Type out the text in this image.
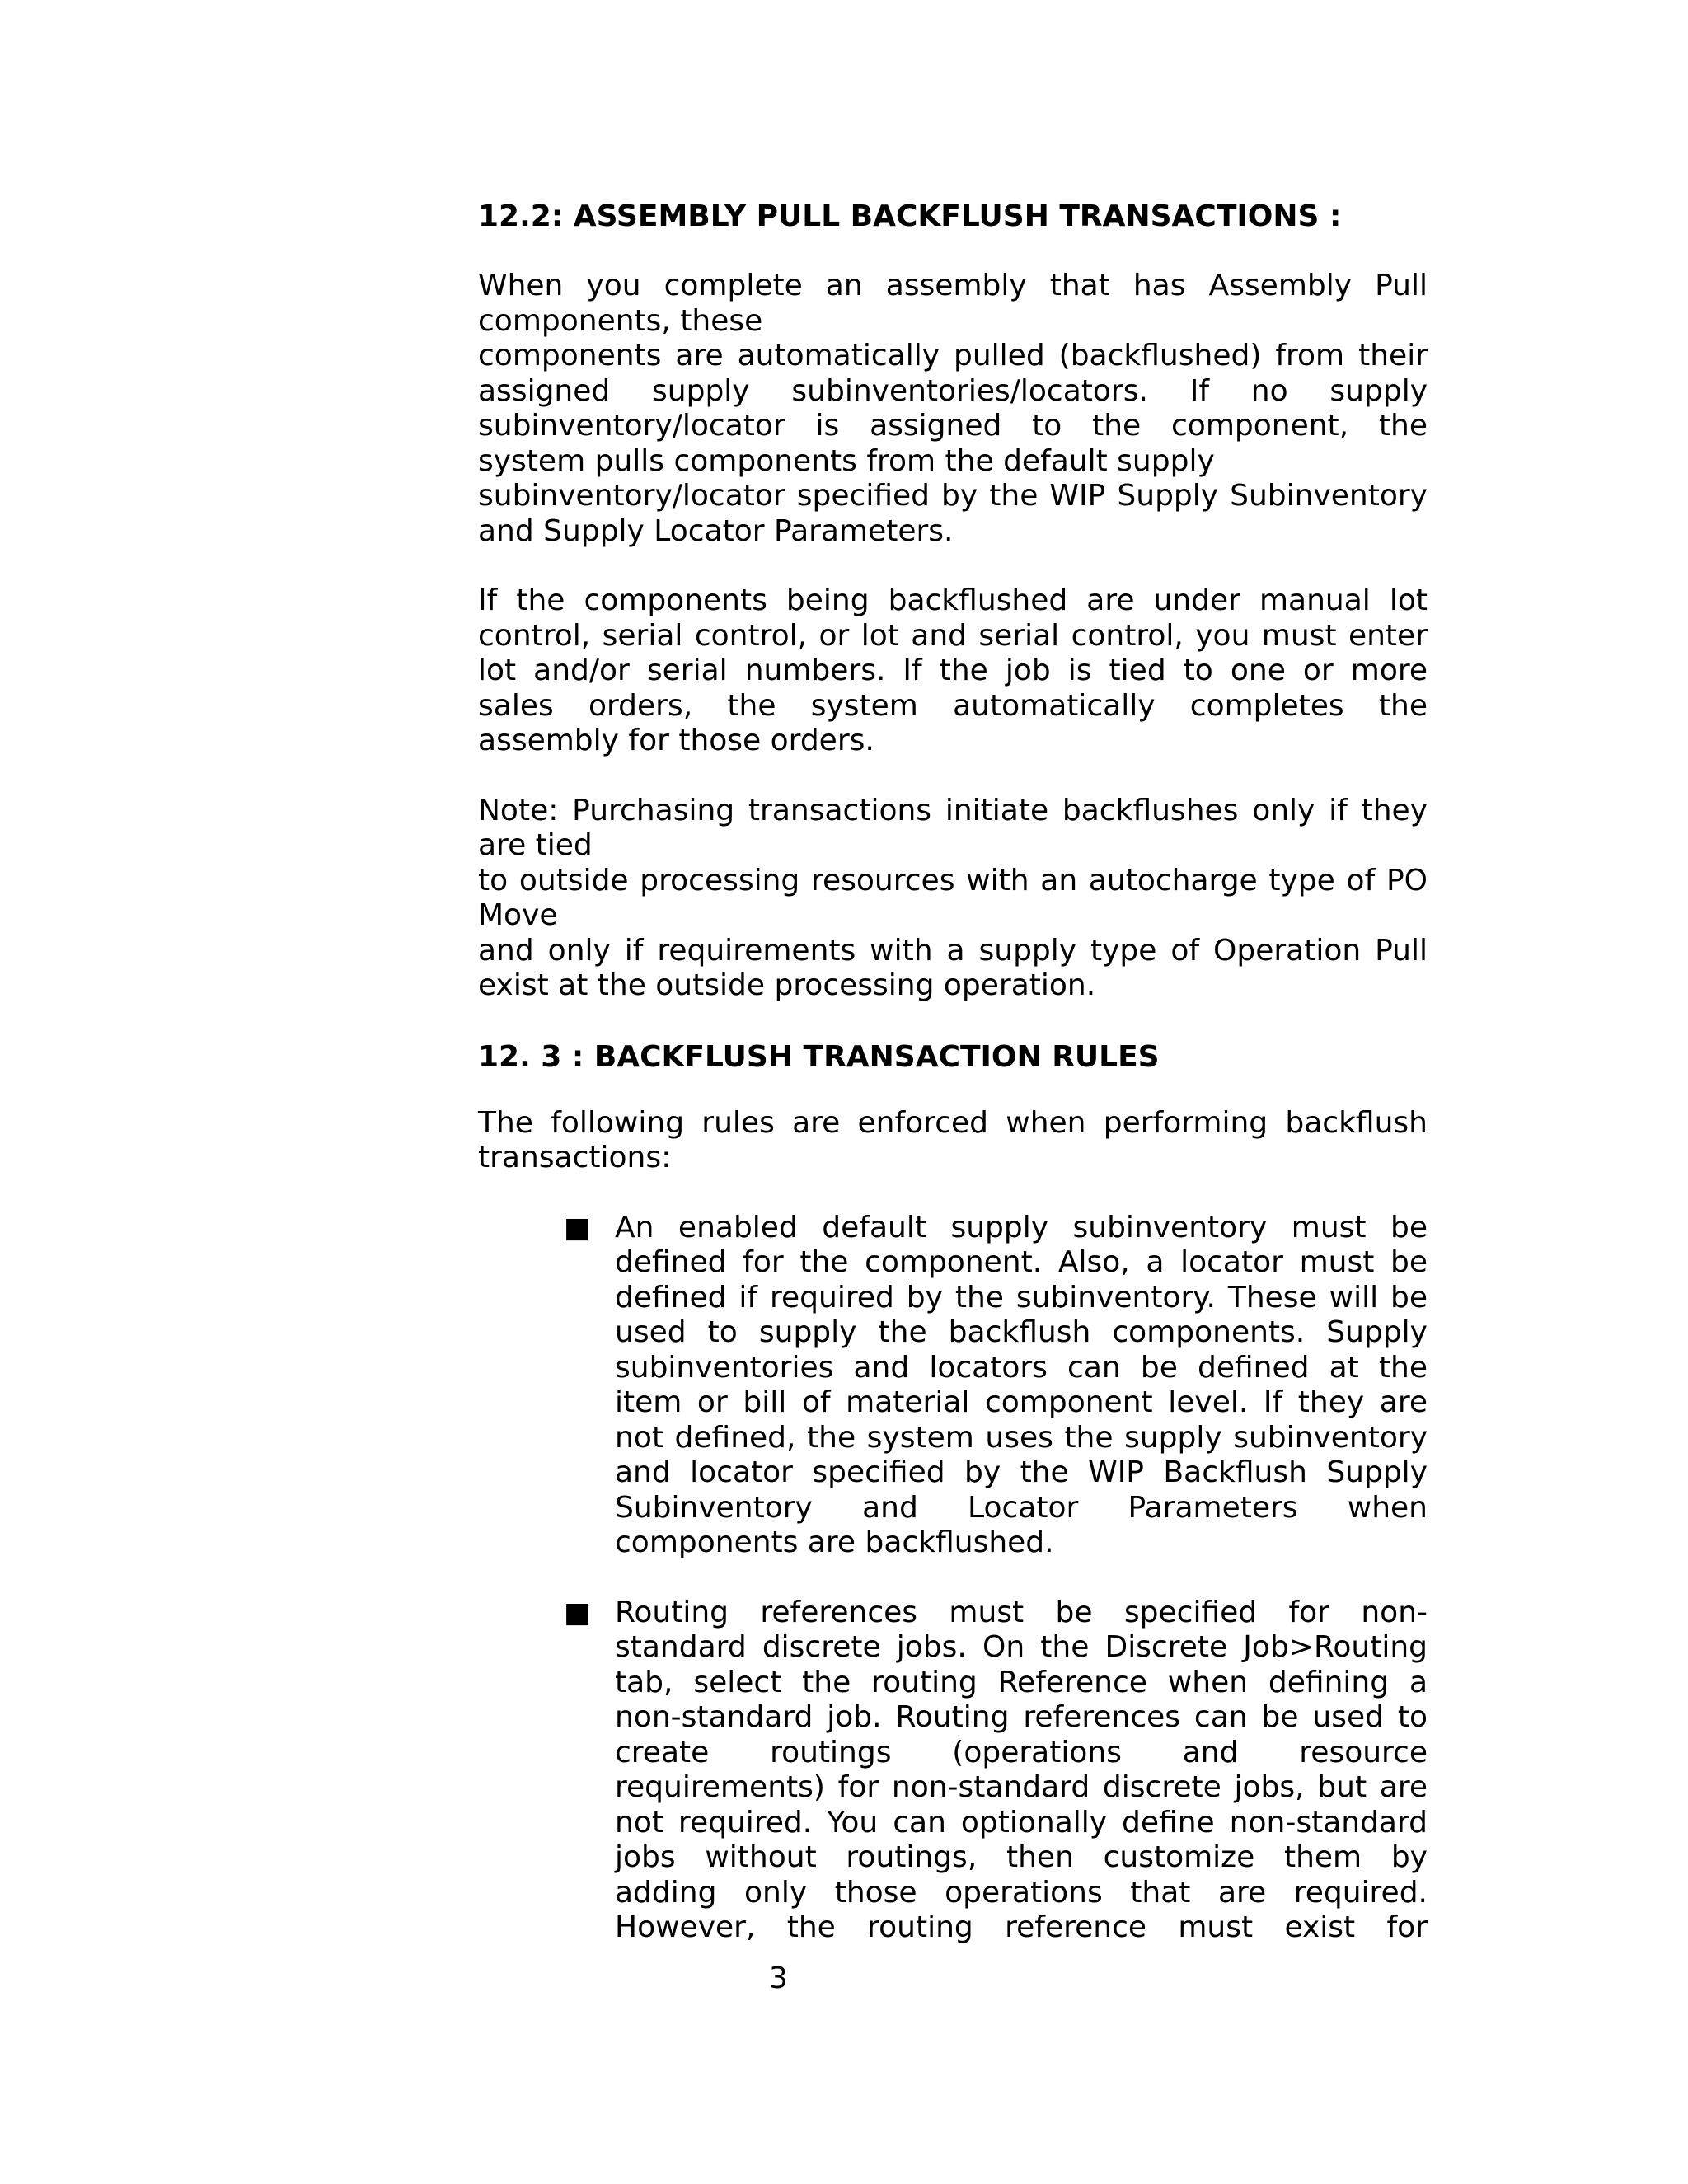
12.2: ASSEMBLY PULL BACKFLUSH TRANSACTIONS :
When you complete an assembly that has Assembly Pull
components, these
components are automatically pulled (backflushed) from their
assigned supply subinventories/locators. If no supply
subinventory/locator is assigned to the component, the
system pulls components from the default supply
subinventory/locator specified by the WIP Supply Subinventory
and Supply Locator Parameters.
If the components being backflushed are under manual lot
control, serial control, or lot and serial control, you must enter
lot and/or serial numbers. If the job is tied to one or more
sales orders, the system automatically completes the
assembly for those orders.
Note: Purchasing transactions initiate backflushes only if they
are tied
to outside processing resources with an autocharge type of PO
Move
and only if requirements with a supply type of Operation Pull
exist at the outside processing operation.
12. 3 : BACKFLUSH TRANSACTION RULES
The following rules are enforced when performing backflush
transactions:
■ An enabled default supply subinventory must be
defined for the component. Also, a locator must be
defined if required by the subinventory. These will be
used to supply the backflush components. Supply
subinventories and locators can be defined at the
item or bill of material component level. If they are
not defined, the system uses the supply subinventory
and locator specified by the WIP Backflush Supply
Subinventory and Locator Parameters when
components are backflushed.
■ Routing references must be specified for non-
standard discrete jobs. On the Discrete Job>Routing
tab, select the routing Reference when defining a
non-standard job. Routing references can be used to
create routings (operations and resource
requirements) for non-standard discrete jobs, but are
not required. You can optionally define non-standard
jobs without routings, then customize them by
adding only those operations that are required.
However, the routing reference must exist for
3
